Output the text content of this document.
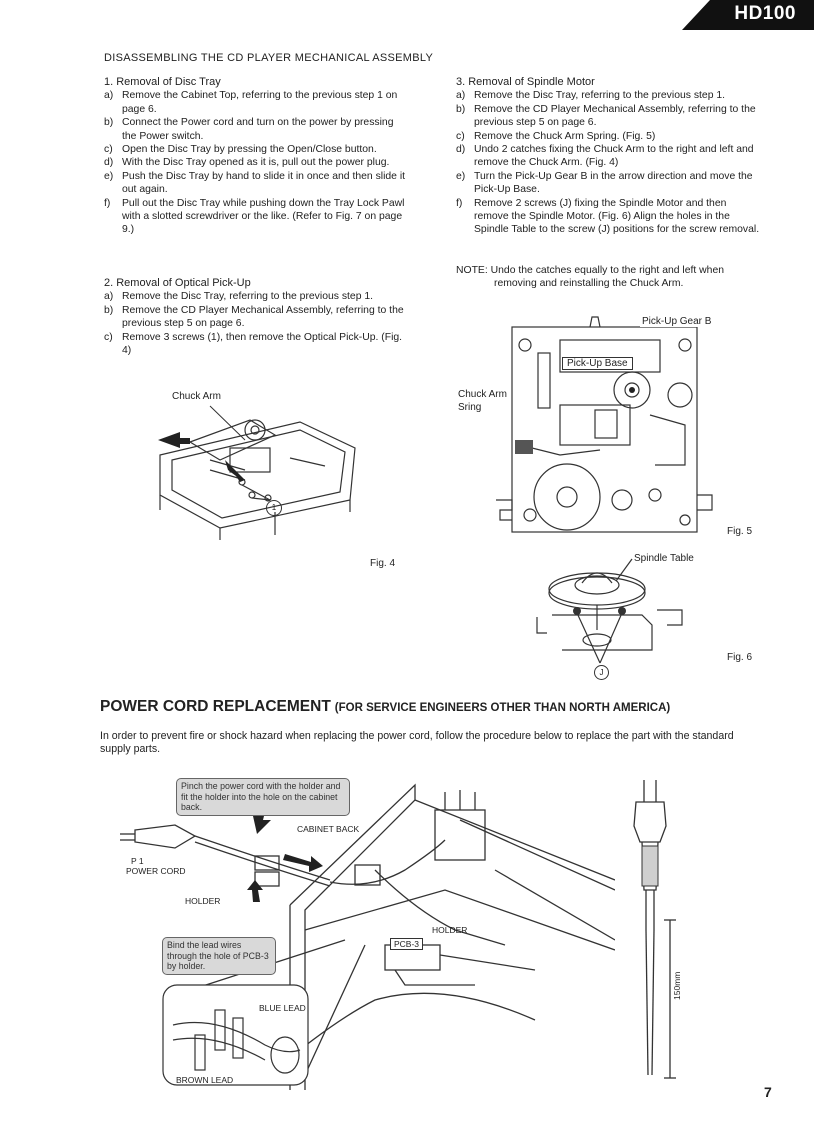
HD100
DISASSEMBLING THE CD PLAYER MECHANICAL ASSEMBLY
1. Removal of Disc Tray
a) Remove the Cabinet Top, referring to the previous step 1 on page 6.
b) Connect the Power cord and turn on the power by pressing the Power switch.
c) Open the Disc Tray by pressing the Open/Close button.
d) With the Disc Tray opened as it is, pull out the power plug.
e) Push the Disc Tray by hand to slide it in once and then slide it out again.
f) Pull out the Disc Tray while pushing down the Tray Lock Pawl with a slotted screwdriver or the like. (Refer to Fig. 7 on page 9.)
2. Removal of Optical Pick-Up
a) Remove the Disc Tray, referring to the previous step 1.
b) Remove the CD Player Mechanical Assembly, referring to the previous step 5 on page 6.
c) Remove 3 screws (1), then remove the Optical Pick-Up. (Fig. 4)
3. Removal of Spindle Motor
a) Remove the Disc Tray, referring to the previous step 1.
b) Remove the CD Player Mechanical Assembly, referring to the previous step 5 on page 6.
c) Remove the Chuck Arm Spring. (Fig. 5)
d) Undo 2 catches fixing the Chuck Arm to the right and left and remove the Chuck Arm. (Fig. 4)
e) Turn the Pick-Up Gear B in the arrow direction and move the Pick-Up Base.
f) Remove 2 screws (J) fixing the Spindle Motor and then remove the Spindle Motor. (Fig. 6) Align the holes in the Spindle Table to the screw (J) positions for the screw removal.
NOTE: Undo the catches equally to the right and left when
removing and reinstalling the Chuck Arm.
Chuck Arm
1
Fig. 4
Pick-Up Gear B
Pick-Up Base
Chuck Arm
Sring
Fig. 5
Spindle Table
J
Fig. 6
POWER CORD REPLACEMENT (FOR SERVICE ENGINEERS OTHER THAN NORTH AMERICA)
In order to prevent fire or shock hazard when replacing the power cord, follow the procedure below to replace the part with the standard supply parts.
Pinch the power cord with the holder and fit the holder into the hole on the cabinet back.
CABINET BACK
P 1
POWER CORD
HOLDER
HOLDER
PCB-3
Bind the lead wires through the hole of PCB-3 by holder.
BLUE LEAD
BROWN LEAD
150mm
7
